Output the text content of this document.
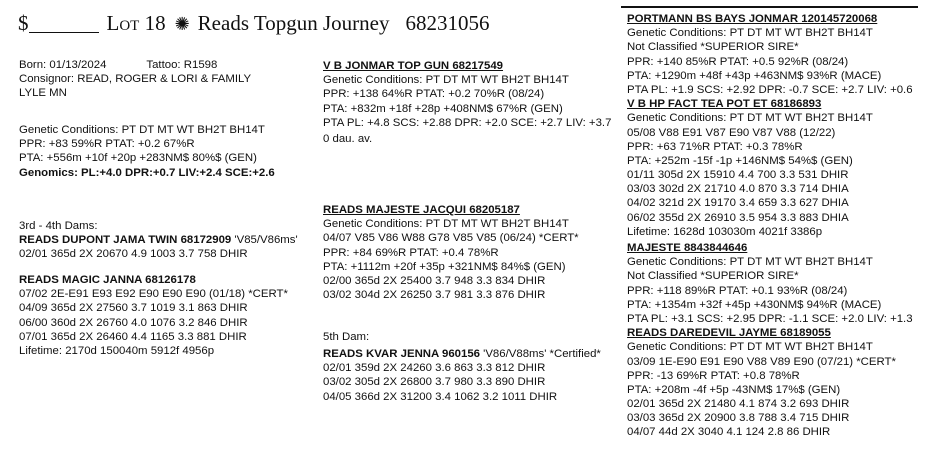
$	Lot 18 ✺ Reads Topgun Journey 68231056
Born: 01/13/2024	Tattoo: R1598
Consignor: READ, ROGER & LORI & FAMILY
LYLE MN
Genetic Conditions: PT DT MT WT BH2T BH14T
PPR: +83 59%R PTAT: +0.2 67%R
PTA: +556m +10f +20p +283NM$ 80%$ (GEN)
Genomics: PL:+4.0 DPR:+0.7 LIV:+2.4 SCE:+2.6
3rd - 4th Dams:
READS DUPONT JAMA TWIN 68172909 'V85/V86ms'
02/01 365d 2X 20670 4.9 1003 3.7 758 DHIR
READS MAGIC JANNA 68126178
07/02 2E-E91 E93 E92 E90 E90 E90 (01/18) *CERT*
04/09 365d 2X 27560 3.7 1019 3.1 863 DHIR
06/00 360d 2X 26760 4.0 1076 3.2 846 DHIR
07/01 365d 2X 26460 4.4 1165 3.3 881 DHIR
Lifetime: 2170d 150040m 5912f 4956p
V B JONMAR TOP GUN 68217549
Genetic Conditions: PT DT MT WT BH2T BH14T
PPR: +138 64%R PTAT: +0.2 70%R (08/24)
PTA: +832m +18f +28p +408NM$ 67%R (GEN)
PTA PL: +4.8 SCS: +2.88 DPR: +2.0 SCE: +2.7 LIV: +3.7
0 dau. av.
READS MAJESTE JACQUI 68205187
Genetic Conditions: PT DT MT WT BH2T BH14T
04/07 V85 V86 W88 G78 V85 V85 (06/24) *CERT*
PPR: +84 69%R PTAT: +0.4 78%R
PTA: +1112m +20f +35p +321NM$ 84%$ (GEN)
02/00 365d 2X 25400 3.7 948 3.3 834 DHIR
03/02 304d 2X 26250 3.7 981 3.3 876 DHIR
5th Dam:
READS KVAR JENNA 960156 'V86/V88ms' *Certified*
02/01 359d 2X 24260 3.6 863 3.3 812 DHIR
03/02 305d 2X 26800 3.7 980 3.3 890 DHIR
04/05 366d 2X 31200 3.4 1062 3.2 1011 DHIR
PORTMANN BS BAYS JONMAR 120145720068
Genetic Conditions: PT DT MT WT BH2T BH14T
Not Classified *SUPERIOR SIRE*
PPR: +140 85%R PTAT: +0.5 92%R (08/24)
PTA: +1290m +48f +43p +463NM$ 93%R (MACE)
PTA PL: +1.9 SCS: +2.92 DPR: -0.7 SCE: +2.7 LIV: +0.6
V B HP FACT TEA POT ET 68186893
Genetic Conditions: PT DT MT WT BH2T BH14T
05/08 V88 E91 V87 E90 V87 V88 (12/22)
PPR: +63 71%R PTAT: +0.3 78%R
PTA: +252m -15f -1p +146NM$ 54%$ (GEN)
01/11 305d 2X 15910 4.4 700 3.3 531 DHIR
03/03 302d 2X 21710 4.0 870 3.3 714 DHIA
04/02 321d 2X 19170 3.4 659 3.3 627 DHIA
06/02 355d 2X 26910 3.5 954 3.3 883 DHIA
Lifetime: 1628d 103030m 4021f 3386p
MAJESTE 8843844646
Genetic Conditions: PT DT MT WT BH2T BH14T
Not Classified *SUPERIOR SIRE*
PPR: +118 89%R PTAT: +0.1 93%R (08/24)
PTA: +1354m +32f +45p +430NM$ 94%R (MACE)
PTA PL: +3.1 SCS: +2.95 DPR: -1.1 SCE: +2.0 LIV: +1.3
READS DAREDEVIL JAYME 68189055
Genetic Conditions: PT DT MT WT BH2T BH14T
03/09 1E-E90 E91 E90 V88 V89 E90 (07/21) *CERT*
PPR: -13 69%R PTAT: +0.8 78%R
PTA: +208m -4f +5p -43NM$ 17%$ (GEN)
02/01 365d 2X 21480 4.1 874 3.2 693 DHIR
03/03 365d 2X 20900 3.8 788 3.4 715 DHIR
04/07 44d 2X 3040 4.1 124 2.8 86 DHIR
